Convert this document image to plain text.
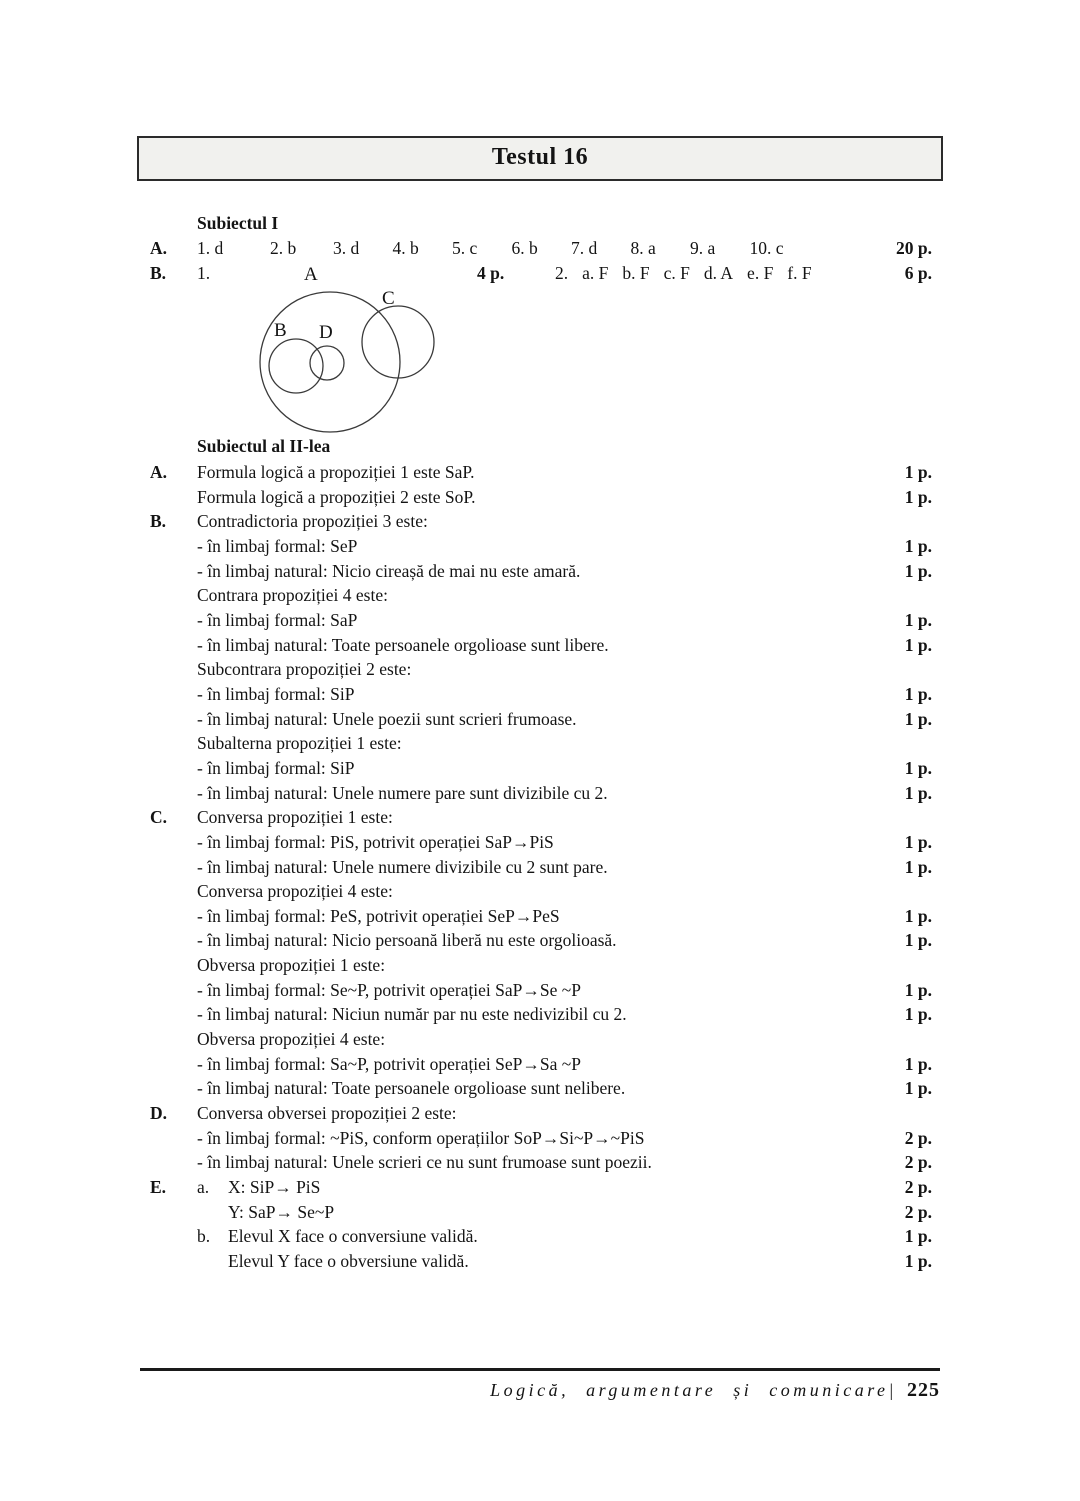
Testul 16
Subiectul I
A.	1. d	2. b	3. d	4. b	5. c	6. b	7. d	8. a	9. a	10. c	20 p.
B.	1.	4 p.	2. a. F b. F c. F d. A e. F f. F	6 p.
A
C
B D
Subiectul al II-lea
A.	Formula logică a propoziției 1 este SaP.	1 p.
Formula logică a propoziției 2 este SoP.	1 p.
B.	Contradictoria propoziției 3 este:
- în limbaj formal: SeP	1 p.
- în limbaj natural: Nicio cireașă de mai nu este amară.	1 p.
Contrara propoziției 4 este:
- în limbaj formal: SaP	1 p.
- în limbaj natural: Toate persoanele orgolioase sunt libere.	1 p.
Subcontrara propoziției 2 este:
- în limbaj formal: SiP	1 p.
- în limbaj natural: Unele poezii sunt scrieri frumoase.	1 p.
Subalterna propoziției 1 este:
- în limbaj formal: SiP	1 p.
- în limbaj natural: Unele numere pare sunt divizibile cu 2.	1 p.
C.	Conversa propoziției 1 este:
- în limbaj formal: PiS, potrivit operației SaP→PiS	1 p.
- în limbaj natural: Unele numere divizibile cu 2 sunt pare.	1 p.
Conversa propoziției 4 este:
- în limbaj formal: PeS, potrivit operației SeP→PeS	1 p.
- în limbaj natural: Nicio persoană liberă nu este orgolioasă.	1 p.
Obversa propoziției 1 este:
- în limbaj formal: Se~P, potrivit operației SaP→Se ~P	1 p.
- în limbaj natural: Niciun număr par nu este nedivizibil cu 2.	1 p.
Obversa propoziției 4 este:
- în limbaj formal: Sa~P, potrivit operației SeP→Sa ~P	1 p.
- în limbaj natural: Toate persoanele orgolioase sunt nelibere.	1 p.
D.	Conversa obversei propoziției 2 este:
- în limbaj formal: ~PiS, conform operațiilor SoP→Si~P→~PiS	2 p.
- în limbaj natural: Unele scrieri ce nu sunt frumoase sunt poezii.	2 p.
E.	a.	X: SiP→ PiS	2 p.
Y: SaP→ Se~P	2 p.
b.	Elevul X face o conversiune validă.	1 p.
Elevul Y face o obversiune validă.	1 p.
Logică, argumentare și comunicare| 225
